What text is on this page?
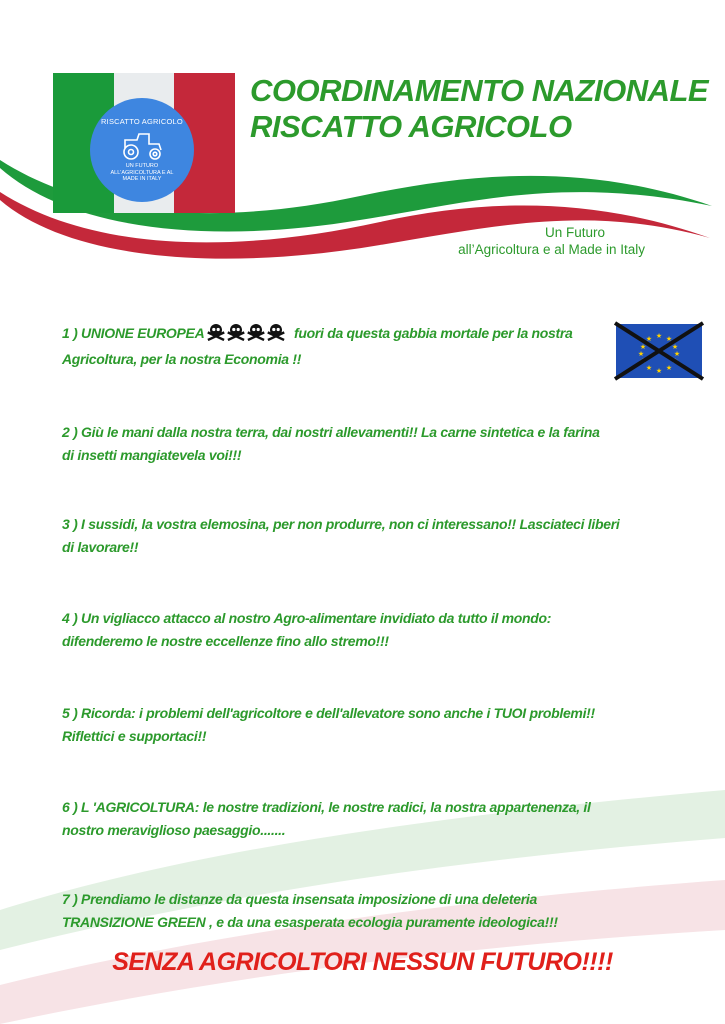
RISCATTO AGRICOLO
UN FUTURO ALL'AGRICOLTURA E AL MADE IN ITALY
COORDINAMENTO NAZIONALE
RISCATTO AGRICOLO
Un Futuro
all’Agricoltura e al Made in Italy
1 ) UNIONE EUROPEA	fuori da questa gabbia mortale per la nostra
Agricoltura, per la nostra Economia !!
★ ★
★
★
★
★
★
★
★
★
2 ) Giù le mani dalla nostra terra, dai nostri allevamenti!! La carne sintetica e la farina
di insetti mangiatevela voi!!!
3 ) I sussidi, la vostra elemosina, per non produrre, non ci interessano!! Lasciateci liberi
di lavorare!!
4 ) Un vigliacco attacco al nostro Agro-alimentare invidiato da tutto il mondo:
difenderemo le nostre eccellenze fino allo stremo!!!
5 ) Ricorda: i problemi dell'agricoltore e dell'allevatore sono anche i TUOI problemi!!
Riflettici e supportaci!!
6 ) L 'AGRICOLTURA: le nostre tradizioni, le nostre radici, la nostra appartenenza, il
nostro meraviglioso paesaggio.......
7 ) Prendiamo le distanze da questa insensata imposizione di una deleteria
TRANSIZIONE GREEN , e da una esasperata ecologia puramente ideologica!!!
SENZA AGRICOLTORI NESSUN FUTURO!!!!
